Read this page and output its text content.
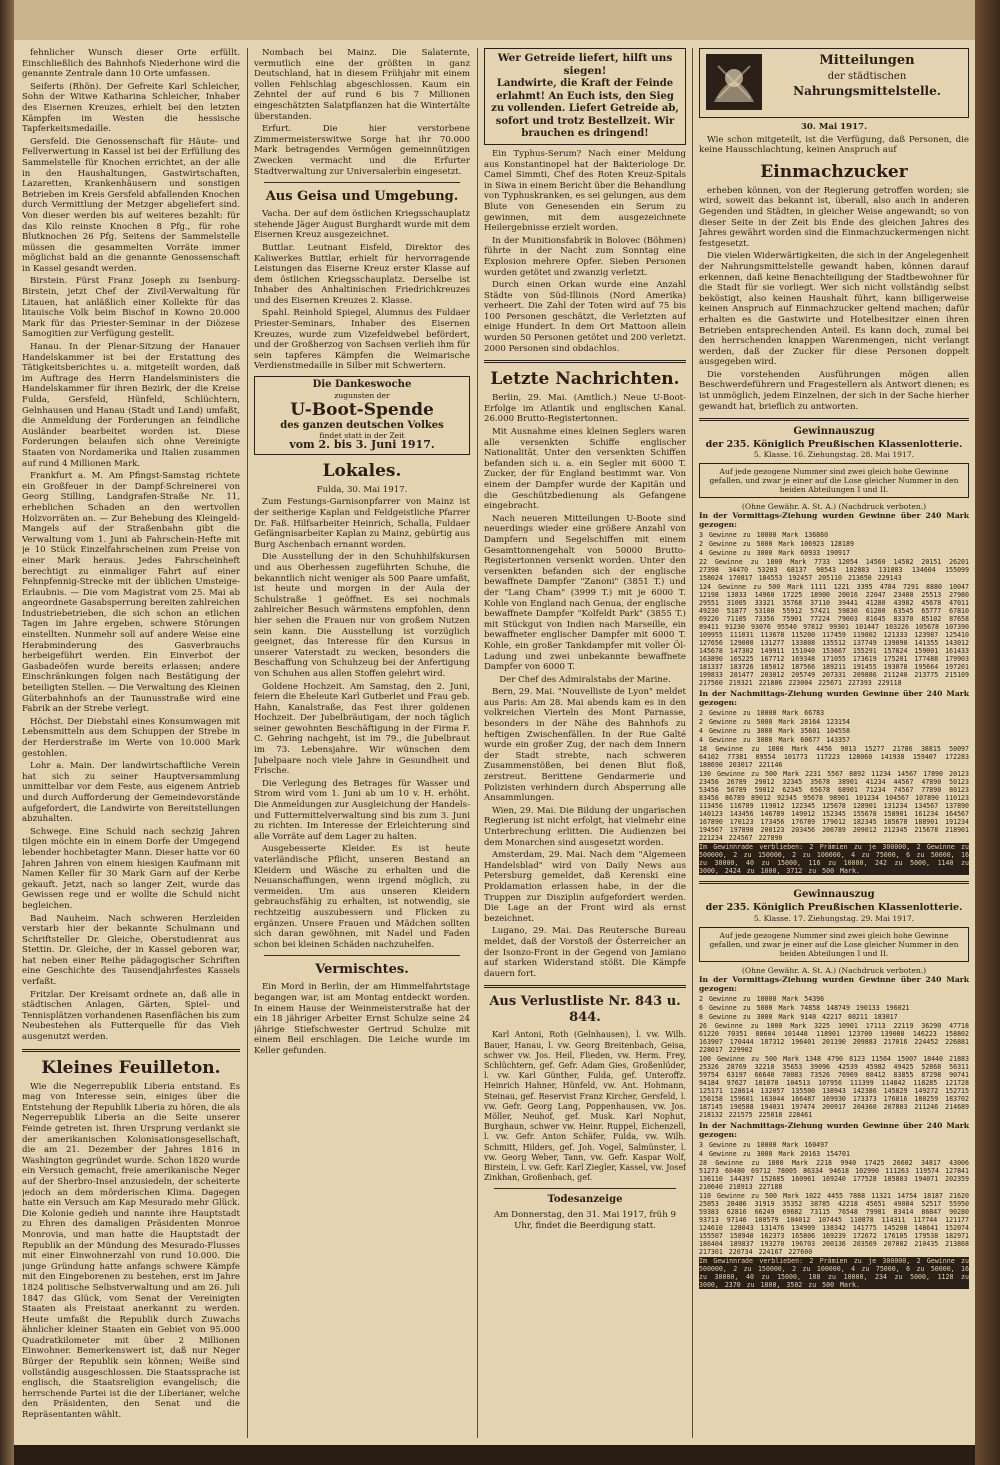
fehnlicher Wunsch dieser Orte erfüllt. Einschließlich des Bahnhofs Niederhone wird die genannte Zentrale dann 10 Orte umfassen.

Seiferts (Rhön). Der Gefreite Karl Schleicher, Sohn der Witwe Katharina Schleicher, Inhaber des Eisernen Kreuzes, erhielt bei den letzten Kämpfen im Westen die hessische Tapferkeitsmedaille.

Gersfeld. Die Genossenschaft für Häute- und Fellverwertung in Kassel ist bei der Erfüllung des Sammelstelle für Knochen errichtet, an der alle in den Haushaltungen, Gastwirtschaften, Lazaretten, Krankenhäusern und sonstigen Betrieben im Kreis Gersfeld abfallenden Knochen durch Vermittlung der Metzger abgeliefert sind. Von dieser werden bis auf weiteres bezahlt: für das Kilo reinste Knochen 8 Pfg., für rohe Blutknochen 26 Pfg. Seitens der Sammelstelle müssen die gesammelten Vorräte immer möglichst bald an die genannte Genossenschaft in Kassel gesandt werden.

Birstein. Fürst Franz Joseph zu Isenburg-Birstein, jetzt Chef der Zivil-Verwaltung für Litauen, hat anläßlich einer Kollekte für das litauische Volk beim Bischof in Kowno 20.000 Mark für das Priester-Seminar in der Diözese Samogitien zur Verfügung gestellt.

Hanau. In der Plenar-Sitzung der Hanauer Handelskammer ist bei der Erstattung des Tätigkeitsberichtes u. a. mitgeteilt worden, daß im Auftrage des Herrn Handelsministers die Handelskammer für ihren Bezirk, der die Kreise Fulda, Gersfeld, Hünfeld, Schlüchtern, Gelnhausen und Hanau (Stadt und Land) umfaßt, die Anmeldung der Forderungen an feindliche Ausländer bearbeitet worden ist. Diese Forderungen belaufen sich ohne Vereinigte Staaten von Nordamerika und Italien zusammen auf rund 4 Millionen Mark.

Frankfurt a. M. Am Pfingst-Samstag richtete ein Großfeuer in der Dampf-Schreinerei von Georg Stilling, Landgrafen-Straße Nr. 11, erheblichen Schaden an den wertvollen Holzvorräten an. — Zur Behebung des Kleingeld-Mangels auf der Straßenbahn gibt die Verwaltung vom 1. Juni ab Fahrschein-Hefte mit je 10 Stück Einzelfahrscheinen zum Preise von einer Mark heraus. Jedes Fahrscheinheft berechtigt zu einmaliger Fahrt auf einer Fehnpfennig-Strecke mit der üblichen Umsteige-Erlaubnis. — Die vom Magistrat vom 25. Mai ab angeordnete Gasabsperrung bereiten zahlreichen Industriebetrieben, die sich schon an etlichen Tagen im Jahre ergeben, schwere Störungen einstellten. Nunmehr soll auf andere Weise eine Herabminderung des Gasverbrauchs herbeigeführt werden. Ein Einverbot der Gasbadeöfen wurde bereits erlassen; andere Einschränkungen folgen nach Bestätigung der beteiligten Stellen. — Die Verwaltung des Kleinen Güterbahnhofs an der Taunusstraße wird eine Fabrik an der Strebe verlegt.

Höchst. Der Diebstahl eines Konsumwagen mit Lebensmitteln aus dem Schuppen der Strebe in der Herderstraße im Werte von 10.000 Mark gestohlen.

Lohr a. Main. Der landwirtschaftliche Verein hat sich zu seiner Hauptversammlung unmittelbar vor dem Feste, aus eigenem Antrieb und durch Aufforderung der Gemeindevorstände aufgefordert, die Landwirte von Bereitstellungen abzuhalten.

Schwege. Eine Schuld nach sechzig Jahren tilgen möchte ein in einem Dorfe der Umgegend lebender hochbetagter Mann. Dieser hatte vor 60 Jahren Jahren von einem hiesigen Kaufmann mit Namen Keller für 30 Mark Garn auf der Kerbe gekauft. Jetzt, nach so langer Zeit, wurde das Gewissen rege und er wollte die Schuld nicht begleichen.

Bad Nauheim. Nach schweren Herzleiden verstarb hier der bekannte Schulmann und Schriftsteller Dr. Gleiche, Oberstudienrat aus Stettin. Dr. Gleiche, der in Kassel geboren war, hat neben einer Reihe pädagogischer Schriften eine Geschichte des Tausendjahrfestes Kassels verfaßt.

Fritzlar. Der Kreisamt ordnete an, daß alle in städtischen Anlagen, Gärten, Spiel- und Tennisplätzen vorhandenen Rasenflächen bis zum Neubestehen als Futterquelle für das Vieh ausgenutzt werden.

Kleines Feuilleton.

Wie die Negerrepublik Liberia entstand. Es mag von Interesse sein, einiges über die Entstehung der Republik Liberia zu hören, die als Negerrepublik Liberia an die Seite unserer Feinde getreten ist. Ihren Ursprung verdankt sie der amerikanischen Kolonisationsgesellschaft, die am 21. Dezember der Jahres 1816 in Washington gegründet wurde. Schon 1820 wurde ein Versuch gemacht, freie amerikanische Neger auf der Sherbro-Insel anzusiedeln, der scheiterte jedoch an dem mörderischen Klima. Dagegen hatte ein Versuch am Kap Mesurado mehr Glück. Die Kolonie gedieh und nannte ihre Hauptstadt zu Ehren des damaligen Präsidenten Monroe Monrovia, und man hatte die Hauptstadt der Republik an der Mündung des Mesurado-Flusses mit einer Einwohnerzahl von rund 10.000. Die junge Gründung hatte anfangs schwere Kämpfe mit den Eingeborenen zu bestehen, erst im Jahre 1824 politische Selbstverwaltung und am 26. Juli 1847 das Glück, vom Senat der Vereinigten Staaten als Freistaat anerkannt zu werden. Heute umfaßt die Republik durch Zuwachs ähnlicher kleiner Staaten ein Gebiet von 95.000 Quadratkilometer mit über 2 Millionen Einwohner. Bemerkenswert ist, daß nur Neger Bürger der Republik sein können; Weiße sind vollständig ausgeschlossen. Die Staatssprache ist englisch, die Staatsreligion evangelisch; die herrschende Partei ist die der Liberianer, welche den Präsidenten, den Senat und die Repräsentanten wählt.

Nombach bei Mainz. Die Salaternte, vermutlich eine der größten in ganz Deutschland, hat in diesem Frühjahr mit einem vollen Fehlschlag abgeschlossen. Kaum ein Zehntel der auf rund 6 bis 7 Millionen eingeschätzten Salatpflanzen hat die Wintertälte überstanden.

Erfurt. Die hier verstorbene Zimmermeisterswitwe Sorge hat ihr 70.000 Mark betragendes Vermögen gemeinnützigen Zwecken vermacht und die Erfurter Stadtverwaltung zur Universalerbin eingesetzt.

Aus Geisa und Umgebung.

Vacha. Der auf dem östlichen Kriegsschauplatz stehende Jäger August Burghardt wurde mit dem Eisernen Kreuz ausgezeichnet.

Buttlar. Leutnant Eisfeld, Direktor des Kaliwerkes Buttlar, erhielt für hervorragende Leistungen das Eiserne Kreuz erster Klasse auf dem östlichen Kriegsschauplatz. Derselbe ist Inhaber des Anhaltinischen Friedrichkreuzes und des Eisernen Kreuzes 2. Klasse.

Spahl. Reinhold Spiegel, Alumnus des Fuldaer Priester-Seminars, Inhaber des Eisernen Kreuzes, wurde zum Vizefeldwebel befördert, und der Großherzog von Sachsen verlieh ihm für sein tapferes Kämpfen die Weimarische Verdienstmedaille in Silber mit Schwertern.

Die Dankeswoche
zugunsten der
U-Boot-Spende
des ganzen deutschen Volkes
findet statt in der Zeit
vom 2. bis 3. Juni 1917.
Lokales.

Fulda, 30. Mai 1917.

Zum Festungs-Garnisonpfarrer von Mainz ist der seitherige Kaplan und Feldgeistliche Pfarrer Dr. Faß. Hilfsarbeiter Heinrich, Schalla, Fuldaer Gefängnisarbeiter Kaplan zu Mainz, gebürtig aus Burg Aschenbach ernannt worden.

Die Ausstellung der in den Schuhhilfskursen und aus Oberhessen zugeführten Schuhe, die bekanntlich nicht weniger als 500 Paare umfaßt, ist heute und morgen in der Aula der Schulstraße 1 geöffnet. Es sei nochmals zahlreicher Besuch wärmstens empfohlen, denn hier sehen die Frauen nur von großem Nutzen sein kann. Die Ausstellung ist vorzüglich geeignet, das Interesse für den Kursus in unserer Vaterstadt zu wecken, besonders die Beschaffung von Schuhzeug bei der Anfertigung von Schuhen aus allen Stoffen gelehrt wird.

Goldene Hochzeit. Am Samstag, den 2. Juni, feiern die Eheleute Karl Gutberlet und Frau geb. Hahn, Kanalstraße, das Fest ihrer goldenen Hochzeit. Der Jubelbräutigam, der noch täglich seiner gewohnten Beschäftigung in der Firma F. C. Gehring nachgeht, ist im 79., die Jubelbraut im 73. Lebensjahre. Wir wünschen dem Jubelpaare noch viele Jahre in Gesundheit und Frische.

Die Verlegung des Betrages für Wasser und Strom wird vom 1. Juni ab um 10 v. H. erhöht. Die Anmeldungen zur Ausgleichung der Handels- und Futtermittelverwaltung sind bis zum 3. Juni zu richten. Im Interesse der Erleichterung sind alle Vorräte auf dem Lager zu halten.

Ausgebesserte Kleider. Es ist heute vaterländische Pflicht, unseren Bestand an Kleidern und Wäsche zu erhalten und die Neuanschaffungen, wenn irgend möglich, zu vermeiden. Um aus unseren Kleidern gebrauchsfähig zu erhalten, ist notwendig, sie rechtzeitig auszubessern und Flicken zu ergänzen. Unsere Frauen und Mädchen sollten sich daran gewöhnen, mit Nadel und Faden schon bei kleinen Schäden nachzuhelfen.

Vermischtes.

Ein Mord in Berlin, der am Himmelfahrtstage begangen war, ist am Montag entdeckt worden. In einem Hause der Weinmeisterstraße hat der ein 18 jähriger Arbeiter Ernst Schulze seine 24 jährige Stiefschwester Gertrud Schulze mit einem Beil erschlagen. Die Leiche wurde im Keller gefunden.

Wer Getreide liefert, hilft uns siegen!
Landwirte, die Kraft der Feinde erlahmt! An Euch ists, den Sieg zu vollenden. Liefert Getreide ab, sofort und trotz Bestellzeit. Wir brauchen es dringend!

Ein Typhus-Serum? Nach einer Meldung aus Konstantinopel hat der Bakteriologe Dr. Camel Simmti, Chef des Roten Kreuz-Spitals in Siwa in einem Bericht über die Behandlung von Typhuskranken, es sei gelungen, aus dem Blute von Genesenden ein Serum zu gewinnen, mit dem ausgezeichnete Heilergebnisse erzielt worden.

In der Munitionsfabrik in Bolovec (Böhmen) führte in der Nacht zum Sonntag eine Explosion mehrere Opfer. Sieben Personen wurden getötet und zwanzig verletzt.

Durch einen Orkan wurde eine Anzahl Städte von Süd-Illinois (Nord Amerika) verheert. Die Zahl der Toten wird auf 75 bis 100 Personen geschätzt, die Verletzten auf einige Hundert. In dem Ort Mattoon allein wurden 50 Personen getötet und 200 verletzt. 2000 Personen sind obdachlos.

Letzte Nachrichten.

Berlin, 29. Mai. (Amtlich.) Neue U-Boot-Erfolge im Atlantik und englischen Kanal. 26.000 Brutto-Registertonnen.

Mit Ausnahme eines kleinen Seglers waren alle versenkten Schiffe englischer Nationalität. Unter den versenkten Schiffen befanden sich u. a. ein Segler mit 6000 T. Zucker, der für England bestimmt war. Von einem der Dampfer wurde der Kapitän und die Geschützbedienung als Gefangene eingebracht.

Nach neueren Mitteilungen U-Boote sind neuerdings wieder eine größere Anzahl von Dampfern und Segelschiffen mit einem Gesamttonnengehalt von 50000 Brutto-Registertonnen versenkt worden. Unter den versenkten befanden sich der englische bewaffnete Dampfer "Zanoni" (3851 T.) und der "Lang Cham" (3999 T.) mit je 6000 T. Kohle von England nach Genua, der englische bewaffnete Dampfer "Kolfeldt Park" (3855 T.) mit Stückgut von Indien nach Marseille, ein bewaffneter englischer Dampfer mit 6000 T. Kohle, ein großer Tankdampfer mit voller Öl-Ladung und zwei unbekannte bewaffnete Dampfer von 6000 T.

Der Chef des Admiralstabs der Marine.

Bern, 29. Mai. "Nouvelliste de Lyon" meldet aus Paris: Am 28. Mai abends kam es in den volkreichen Vierteln des Mont Parnasse, besonders in der Nähe des Bahnhofs zu heftigen Zwischenfällen. In der Rue Gaîté wurde ein großer Zug, der nach dem Innern der Stadt strebte, nach schweren Zusammenstößen, bei denen Blut floß, zerstreut. Berittene Gendarmerie und Polizisten verhindern durch Absperrung alle Ansammlungen.

Wien, 29. Mai. Die Bildung der ungarischen Regierung ist nicht erfolgt, hat vielmehr eine Unterbrechung erlitten. Die Audienzen bei dem Monarchen sind ausgesetzt worden.

Amsterdam, 29. Mai. Nach dem "Algemeen Handelsblad" wird von Daily News aus Petersburg gemeldet, daß Kerenski eine Proklamation erlassen habe, in der die Truppen zur Disziplin aufgefordert werden. Die Lage an der Front wird als ernst bezeichnet.

Lugano, 29. Mai. Das Reutersche Bureau meldet, daß der Vorstoß der Österreicher an der Isonzo-Front in der Gegend von Jamiano auf starken Widerstand stößt. Die Kämpfe dauern fort.

Aus Verlustliste Nr. 843 u. 844.

Karl Antoni, Roth (Gelnhausen), l. vw. Wilh. Bauer, Hanau, l. vw. Georg Breitenbach, Geisa, schwer vw. Jos. Heil, Flieden, vw. Herm. Frey, Schlüchtern, gef. Gefr. Adam Gies, Großenlüder, l. vw. Karl Günther, Fulda, gef. Unteroffz. Heinrich Hahner, Hünfeld, vw. Ant. Hohmann, Steinau, gef. Reservist Franz Kircher, Gersfeld, l. vw. Gefr. Georg Lang, Poppenhausen, vw. Jos. Möller, Neuhof, gef. Musk. Karl Nophut, Burghaun, schwer vw. Heinr. Ruppel, Eichenzell, l. vw. Gefr. Anton Schäfer, Fulda, vw. Wilh. Schmitt, Hilders, gef. Joh. Vogel, Salmünster, l. vw. Georg Weber, Tann, vw. Gefr. Kaspar Wolf, Birstein, l. vw. Gefr. Karl Ziegler, Kassel, vw. Josef Zinkhan, Großenbach, gef.

Todesanzeige

Am Donnerstag, den 31. Mai 1917, früh 9 Uhr, findet die Beerdigung statt.

Mitteilungen
der städtischen
Nahrungsmittelstelle.

30. Mai 1917.

Wie schon mitgeteilt, ist die Verfügung, daß Personen, die keine Hausschlachtung, keinen Anspruch auf

Einmachzucker

erheben können, von der Regierung getroffen worden; sie wird, soweit das bekannt ist, überall, also auch in anderen Gegenden und Städten, in gleicher Weise angewandt; so von dieser Seite in der Zeit bis Ende des gleichen Jahres des Jahres gewährt worden sind die Einmachzuckermengen nicht festgesetzt.

Die vielen Widerwärtigkeiten, die sich in der Angelegenheit der Nahrungsmittelstelle gewandt haben, können darauf erkennen, daß keine Benachteiligung der Stadtbewohner für die Stadt für sie vorliegt. Wer sich nicht vollständig selbst beköstigt, also keinen Haushalt führt, kann billigerweise keinen Anspruch auf Einmachzucker geltend machen; dafür erhalten es die Gastwirte und Hotelbesitzer einen ihren Betrieben entsprechenden Anteil. Es kann doch, zumal bei den herrschenden knappen Warenmengen, nicht verlangt werden, daß der Zucker für diese Personen doppelt ausgegeben wird.

Die vorstehenden Ausführungen mögen allen Beschwerdeführern und Fragestellern als Antwort dienen; es ist unmöglich, jedem Einzelnen, der sich in der Sache hierher gewandt hat, brieflich zu antworten.

Gewinnauszug
der 235. Königlich Preußischen Klassenlotterie.
5. Klasse. 16. Ziehungstag. 28. Mai 1917.
Auf jede gezogene Nummer sind zwei gleich hohe Gewinne gefallen, und zwar je einer auf die Lose gleicher Nummer in den beiden Abteilungen I und II.
(Ohne Gewähr. A. St. A.) (Nachdruck verboten.)
In der Vormittags-Ziehung wurden Gewinne über 240 Mark gezogen:

3 Gewinne zu 10000 Mark 136860

2 Gewinne zu 5000 Mark 106923 128189

4 Gewinne zu 3000 Mark 60933 190917

22 Gewinne zu 1000 Mark 7733 12054 14560 14582 20151 26201 27398 34470 53283 68137 98543 102883 131883 134604 155099 158024 170817 184553 192457 205110 213650 229143

124 Gewinne zu 500 Mark 1111 1221 3395 4784 7291 8880 10047 12198 13833 14960 17225 18900 20016 22047 23400 25513 27980 29551 31005 33321 35768 37110 39441 41280 43902 45678 47011 49230 51877 53100 55912 57421 59830 61200 63545 65777 67810 69220 71105 73356 75901 77224 79003 81645 83370 85102 87658 89411 91230 93076 95540 97812 99301 101447 103226 105678 107390 109955 111031 113678 115200 117459 119802 121333 123987 125410 127656 129000 131277 133808 135512 137749 139090 141355 143012 145678 147302 149911 151040 153667 155291 157824 159001 161433 163890 165225 167712 169348 171055 173619 175201 177488 179903 181337 183726 185012 187566 189211 191455 193078 195664 197201 199833 201477 203012 205749 207331 209886 211240 213775 215109 217560 219321 221886 223004 225671 227393 229118

In der Nachmittags-Ziehung wurden Gewinne über 240 Mark gezogen:

2 Gewinne zu 10000 Mark 66783

2 Gewinne zu 5000 Mark 28164 123154

4 Gewinne zu 3000 Mark 35601 104558

4 Gewinne zu 3000 Mark 60677 143357

18 Gewinne zu 1000 Mark 4456 9013 15277 21786 38815 50097 64102 77381 89554 101773 117223 128060 141938 159407 172283 188690 203017 221146

130 Gewinne zu 500 Mark 2231 5567 8892 11234 14567 17890 20123 23456 26789 29012 32345 35678 38901 41234 44567 47890 50123 53456 56789 59012 62345 65678 68901 71234 74567 77890 80123 83456 86789 89012 92345 95678 98901 101234 104567 107890 110123 113456 116789 119012 122345 125678 128901 131234 134567 137890 140123 143456 146789 149012 152345 155678 158901 161234 164567 167890 170123 173456 176789 179012 182345 185678 188901 191234 194567 197890 200123 203456 206789 209012 212345 215678 218901 221234 224567 227890

Im Gewinnrade verblieben: 2 Prämien zu je 300000, 2 Gewinne zu 500000, 2 zu 150000, 2 zu 100000, 4 zu 75000, 6 zu 50000, 16 zu 30000, 40 zu 15000, 116 zu 10000, 242 zu 5000, 1140 zu 3000, 2424 zu 1000, 3712 zu 500 Mark.

Gewinnauszug
der 235. Königlich Preußischen Klassenlotterie.
5. Klasse. 17. Ziehungstag. 29. Mai 1917.
Auf jede gezogene Nummer sind zwei gleich hohe Gewinne gefallen, und zwar je einer auf die Lose gleicher Nummer in den beiden Abteilungen I und II.
(Ohne Gewähr. A. St. A.) (Nachdruck verboten.)
In der Vormittags-Ziehung wurden Gewinne über 240 Mark gezogen:

2 Gewinne zu 10000 Mark 54396

6 Gewinne zu 5000 Mark 74858 148749 190133 196021

8 Gewinne zu 3000 Mark 9140 42217 80211 183017

26 Gewinne zu 1000 Mark 3225 10901 17113 22119 36290 47718 61220 70351 88604 101448 118901 123700 139008 146223 158802 163907 170444 187312 196401 201190 209883 217016 224452 226881 228017 229902

100 Gewinne zu 500 Mark 1348 4790 8123 11564 15007 18440 21883 25326 28769 32210 35653 39096 42539 45982 49425 52868 56311 59754 63197 66640 70083 73526 76969 80412 83855 87298 90741 94184 97627 101070 104513 107956 111399 114842 118285 121728 125171 128614 132057 135500 138943 142386 145829 149272 152715 156158 159601 163044 166487 169930 173373 176816 180259 183702 187145 190588 194031 197474 200917 204360 207803 211246 214689 218132 221575 225018 228461

In der Nachmittags-Ziehung wurden Gewinne über 240 Mark gezogen:

3 Gewinne zu 10000 Mark 160497

4 Gewinne zu 3000 Mark 20163 154701

28 Gewinne zu 1000 Mark 2218 9940 17425 26602 34817 43006 51273 60480 69712 78005 86334 94618 102990 111263 119574 127841 136110 144397 152685 160961 169240 177528 185803 194071 202359 210640 218913 227188

110 Gewinne zu 500 Mark 1022 4455 7888 11321 14754 18187 21620 25053 28486 31919 35352 38785 42218 45651 49084 52517 55950 59383 62816 66249 69682 73115 76548 79981 83414 86847 90280 93713 97146 100579 104012 107445 110878 114311 117744 121177 124610 128043 131476 134909 138342 141775 145208 148641 152074 155507 158940 162373 165806 169239 172672 176105 179538 182971 186404 189837 193270 196703 200136 203569 207002 210435 213868 217301 220734 224167 227600

Im Gewinnrade verblieben: 2 Prämien zu je 300000, 2 Gewinne zu 500000, 2 zu 150000, 2 zu 100000, 4 zu 75000, 6 zu 50000, 16 zu 30000, 40 zu 15000, 108 zu 10000, 234 zu 5000, 1128 zu 3000, 2370 zu 1000, 3502 zu 500 Mark.
